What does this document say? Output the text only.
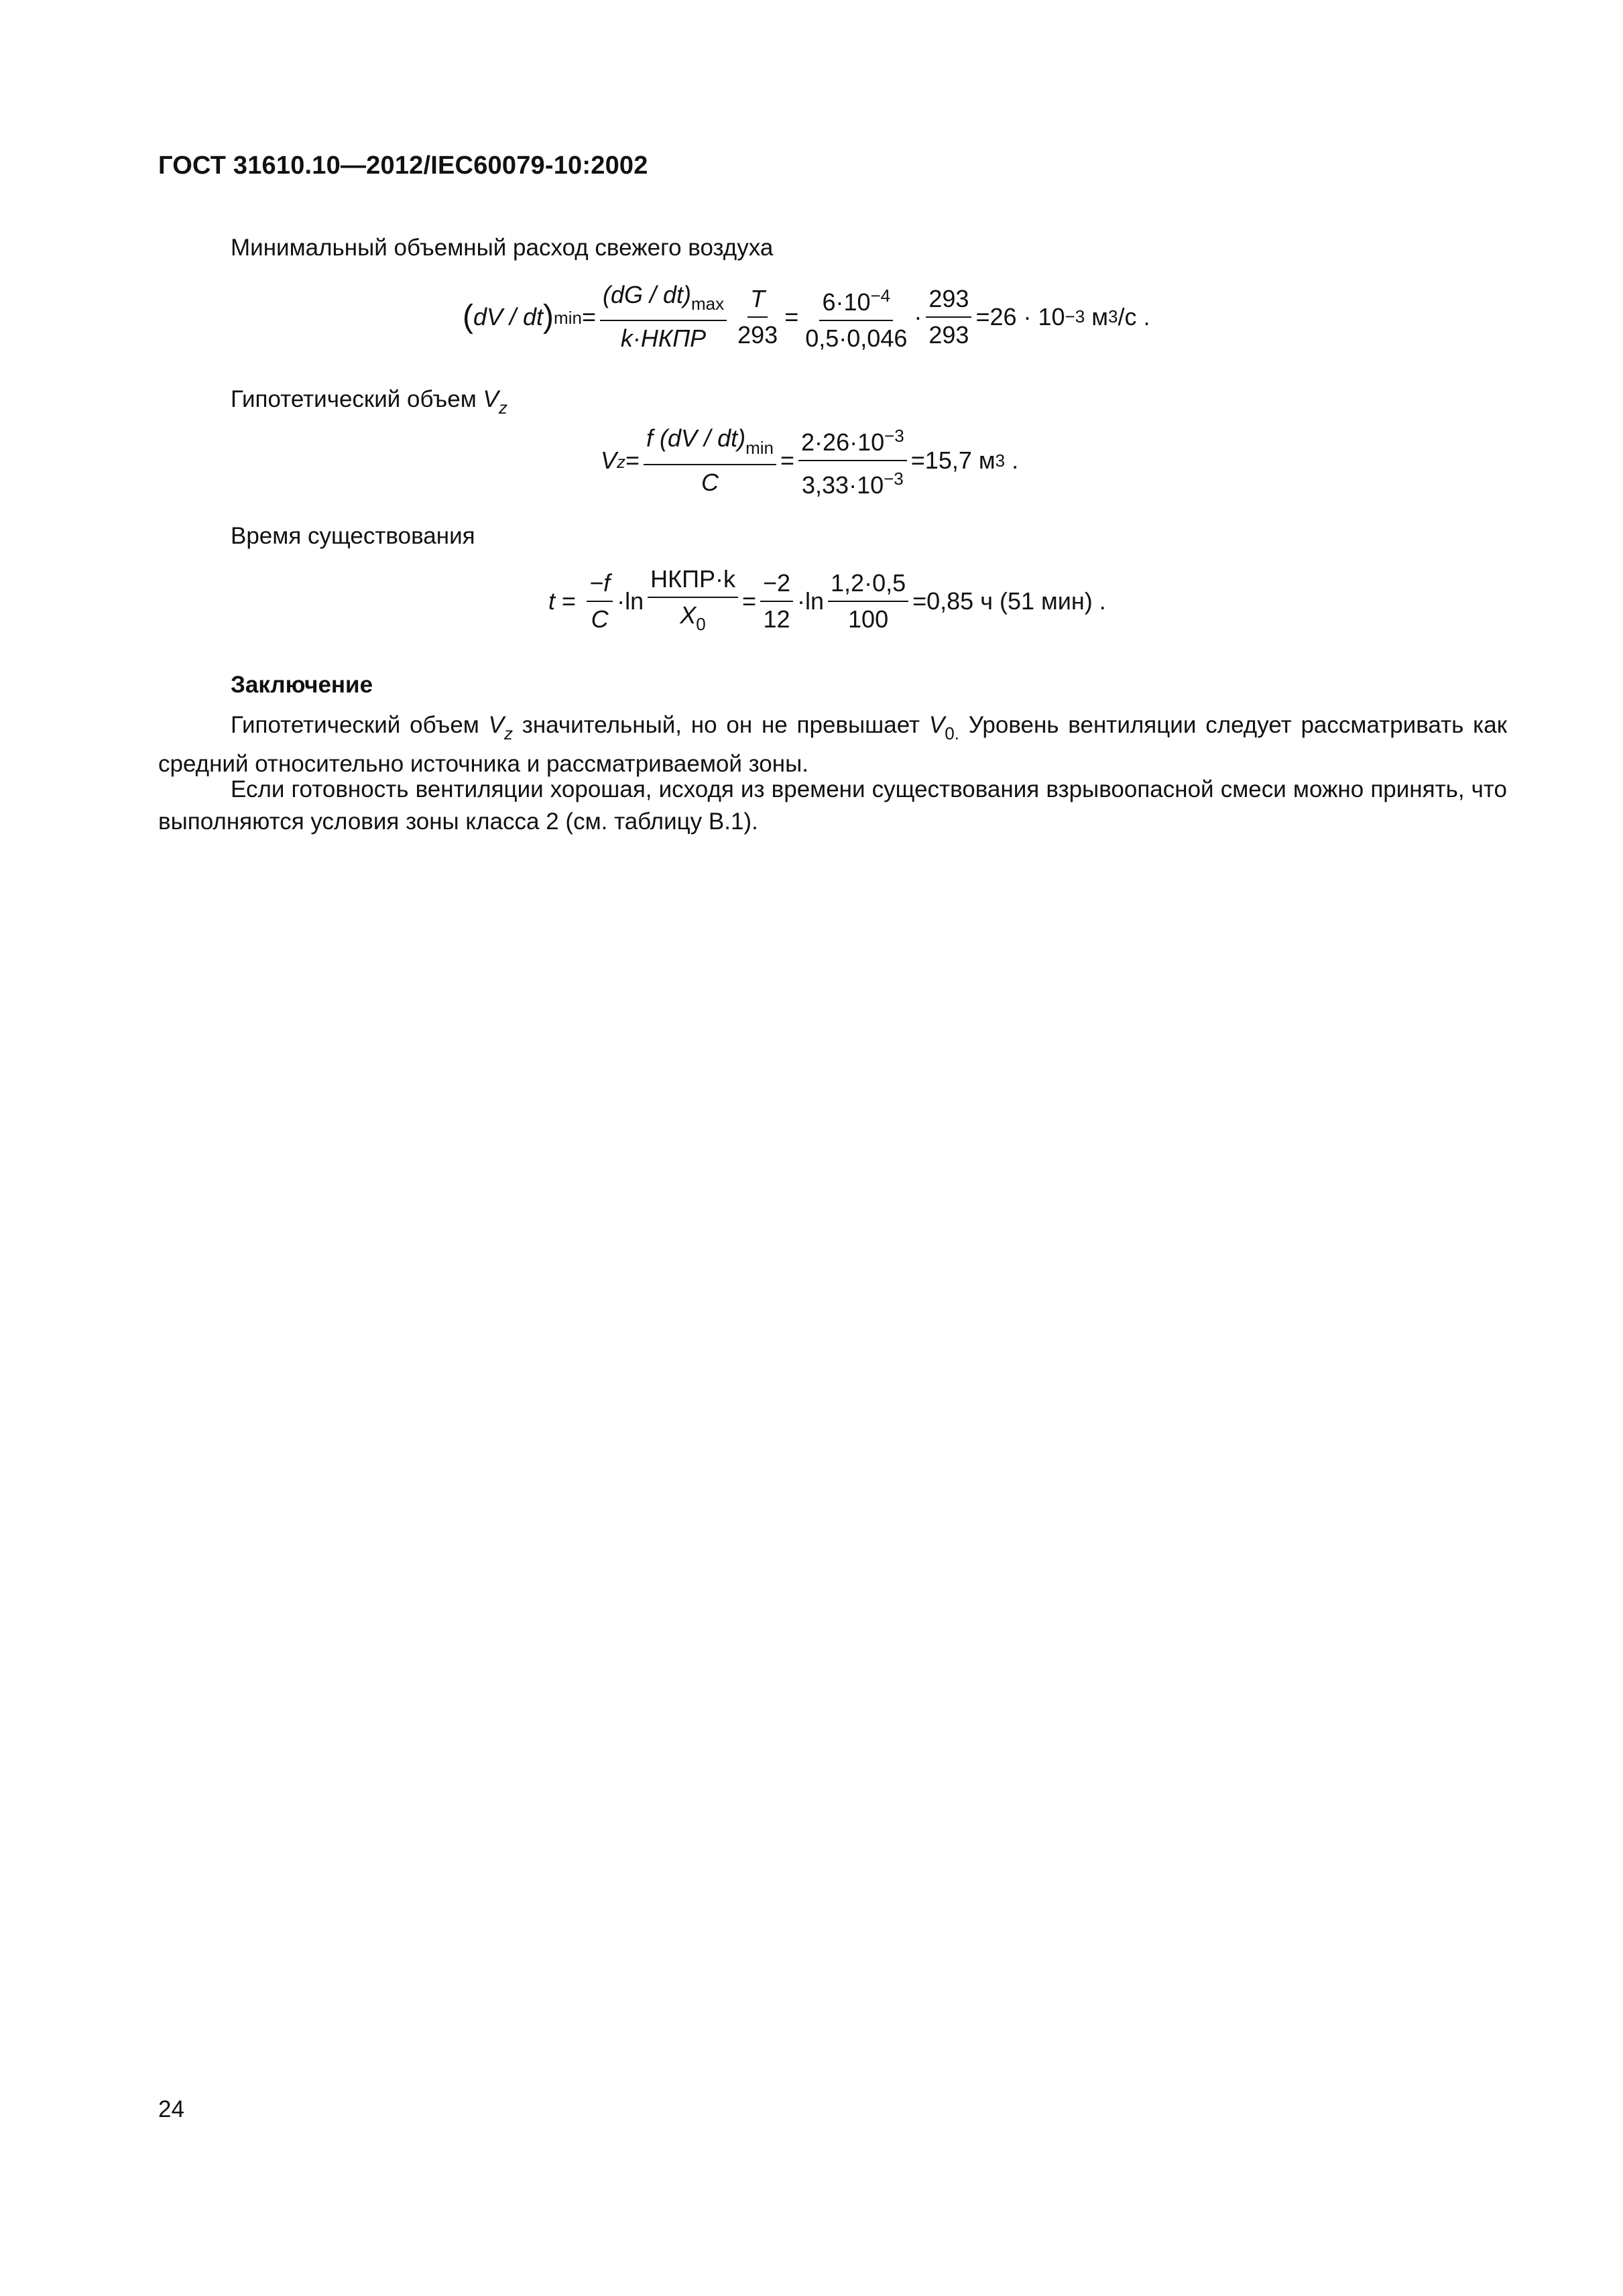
ГОСТ 31610.10—2012/IEC60079-10:2002
Минимальный объемный расход свежего воздуха
( dV / dt )$_{min} = \frac{(dG / dt)_{max}}{\text{k·НКПР}} \frac{T}{293} = \frac{6\cdot 10^{-4}}{0,5\cdot 0,046} \cdot \frac{293}{293} =26 \cdot 10 -3$
м 3 /с .
Гипотетический объем $V_z$
$V_z = \frac{f (dV / dt)_{min}}{C} = \frac{2\cdot 26\cdot 10^{-3}}{3,33\cdot 10^{-3}} =15,7$ м 3 .
Время существования
$t = \frac{-f}{C} \cdot\ln \frac{\text{НКПР·k}}{X_0} = \frac{-2}{12} \cdot\ln \frac{1,2\cdot 0,5}{100} =0,85$ ч (51 мин) .
Заключение
Гипотетический объем $V_z$ значительный, но он не превышает $V_{0.}$ Уровень вентиляции следует рассматривать как средний относительно источника и рассматриваемой зоны.
Если готовность вентиляции хорошая, исходя из времени существования взрывоопасной смеси можно принять, что выполняются условия зоны класса 2 (см. таблицу В.1).
24
